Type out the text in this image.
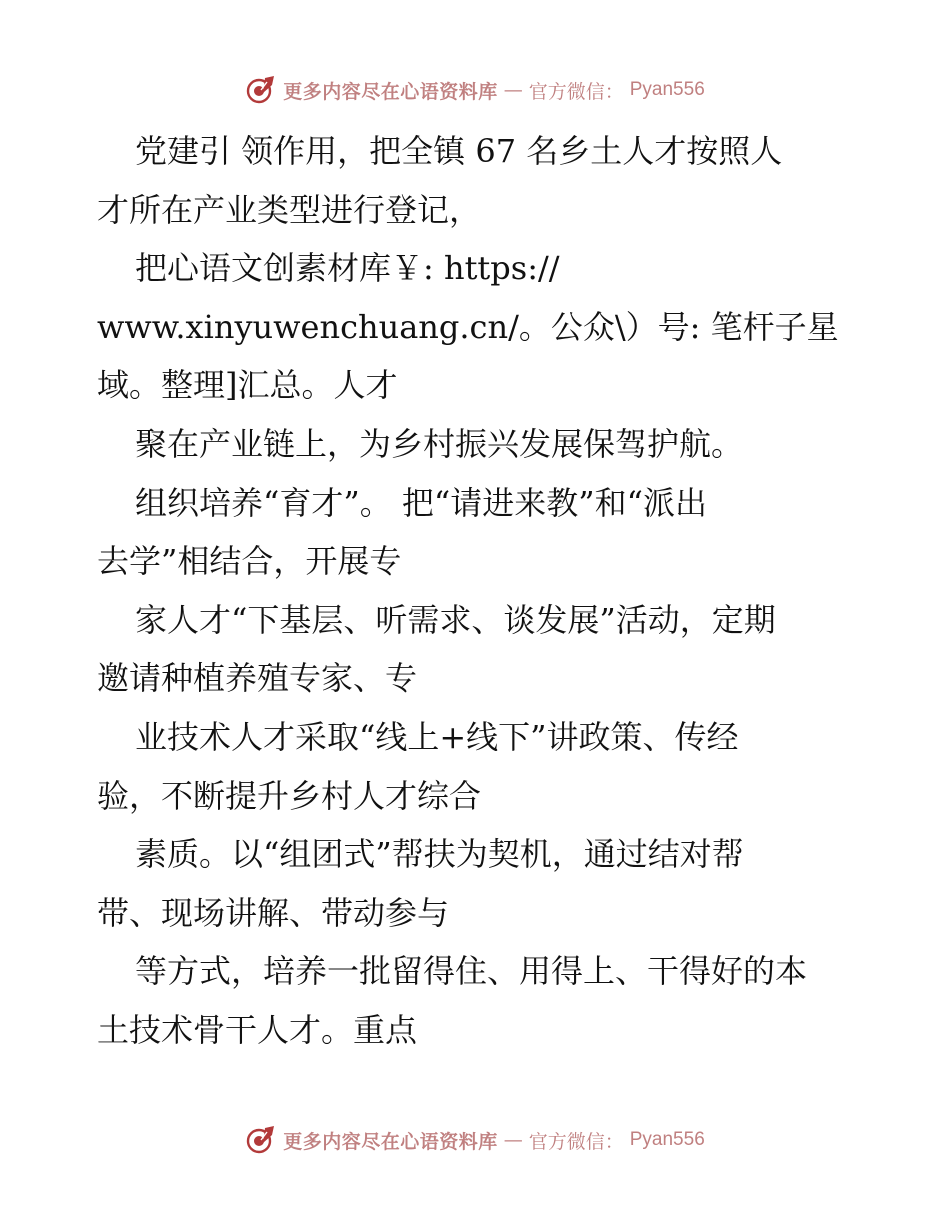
更多内容尽在心语资料库 — 官方微信： Pyan556
党建引 领作用，把全镇 67 名乡土人才按照人
才所在产业类型进行登记，
把心语文创素材库￥: https://
www.xinyuwenchuang.cn/。公众\）号: 笔杆子星
域。整理]汇总。人才
聚在产业链上，为乡村振兴发展保驾护航。
组织培养“育才”。 把“请进来教”和“派出
去学”相结合，开展专
家人才“下基层、听需求、谈发展”活动，定期
邀请种植养殖专家、专
业技术人才采取“线上+线下”讲政策、传经
验，不断提升乡村人才综合
素质。以“组团式”帮扶为契机，通过结对帮
带、现场讲解、带动参与
等方式，培养一批留得住、用得上、干得好的本
土技术骨干人才。重点
更多内容尽在心语资料库 — 官方微信： Pyan556
